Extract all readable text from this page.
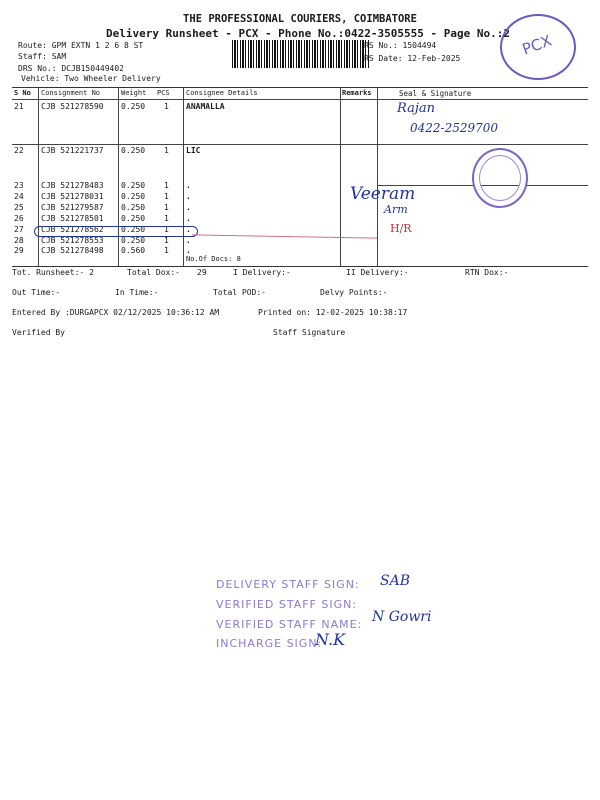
THE PROFESSIONAL COURIERS, COIMBATORE
Delivery Runsheet - PCX - Phone No.:0422-3505555 - Page No.:2
Route: GPM EXTN 1 2 6 8 ST
Staff: SAM
DRS No.: DCJB150449402
Vehicle: Two Wheeler Delivery
RS No.: 1504494
RS Date: 12-Feb-2025	PCX
S No Consignment No	Weight PCS Consignee Details	Remarks	Seal & Signature
21 CJB 521278590 0.250 1 ANAMALLA
22 CJB 521221737 0.250 1 LIC
23 CJB 521278483 0.250 1 .
24 CJB 521278031 0.250 1 .
25 CJB 521279587 0.250 1 .
26 CJB 521278501 0.250 1 .
27 CJB 521278562 0.250 1 .
28 CJB 521278553 0.250 1 .
29 CJB 521278498 0.560 1 .
No.Of Docs: 8
Rajan
0422-2529700
Veeram
Arm
H/R
Tot. Runsheet:- 2	Total Dox:- 29	I Delivery:-	II Delivery:-	RTN Dox:-
Out Time:-	In Time:-	Total POD:-	Delvy Points:-
Entered By :DURGAPCX 02/12/2025 10:36:12 AM	Printed on: 12-02-2025 10:38:17
Verified By	Staff Signature
DELIVERY STAFF SIGN: SAB
VERIFIED STAFF SIGN:
VERIFIED STAFF NAME: N Gowri
INCHARGE SIGN:
N.K
